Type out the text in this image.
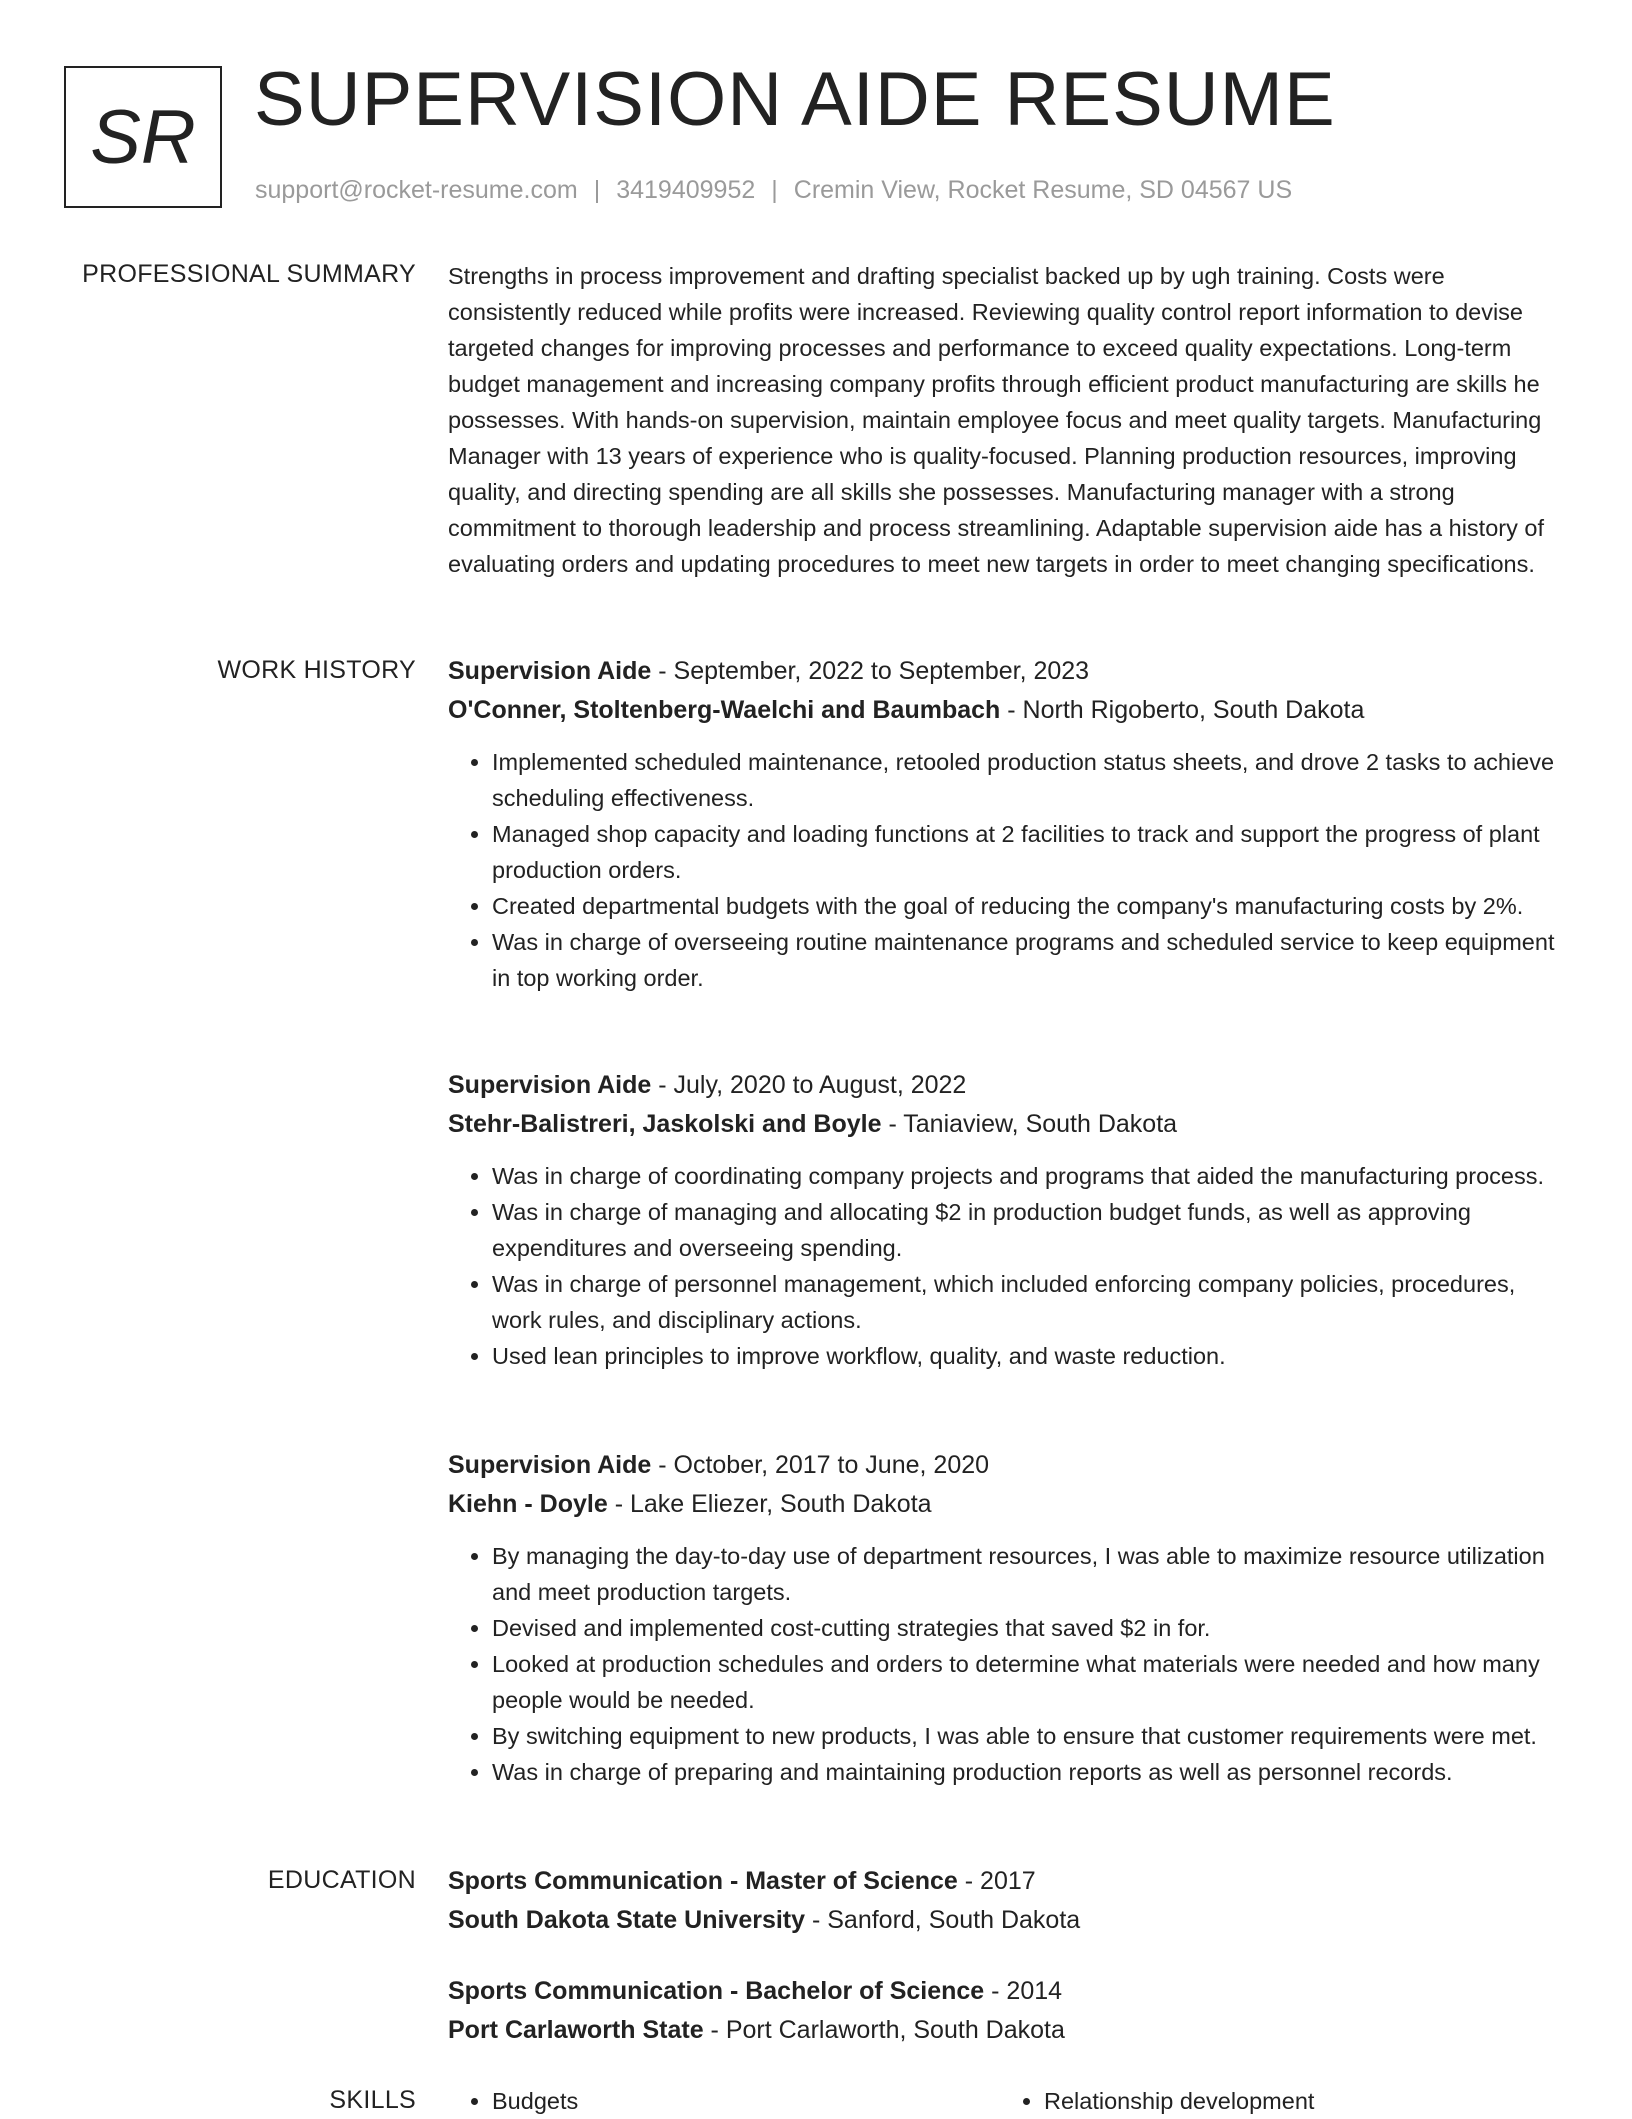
SR SUPERVISION AIDE RESUME
support@rocket-resume.com | 3419409952 | Cremin View, Rocket Resume, SD 04567 US
PROFESSIONAL SUMMARY Strengths in process improvement and drafting specialist backed up by ugh training. Costs were consistently reduced while profits were increased. Reviewing quality control report information to devise targeted changes for improving processes and performance to exceed quality expectations. Long-term budget management and increasing company profits through efficient product manufacturing are skills he possesses. With hands-on supervision, maintain employee focus and meet quality targets. Manufacturing Manager with 13 years of experience who is quality-focused. Planning production resources, improving quality, and directing spending are all skills she possesses. Manufacturing manager with a strong commitment to thorough leadership and process streamlining. Adaptable supervision aide has a history of evaluating orders and updating procedures to meet new targets in order to meet changing specifications.

WORK HISTORY Supervision Aide - September, 2022 to September, 2023
O'Conner, Stoltenberg-Waelchi and Baumbach - North Rigoberto, South Dakota
• Implemented scheduled maintenance, retooled production status sheets, and drove 2 tasks to achieve scheduling effectiveness.
• Managed shop capacity and loading functions at 2 facilities to track and support the progress of plant production orders.
• Created departmental budgets with the goal of reducing the company's manufacturing costs by 2%.
• Was in charge of overseeing routine maintenance programs and scheduled service to keep equipment in top working order.
Supervision Aide - July, 2020 to August, 2022
Stehr-Balistreri, Jaskolski and Boyle - Taniaview, South Dakota
• Was in charge of coordinating company projects and programs that aided the manufacturing process.
• Was in charge of managing and allocating $2 in production budget funds, as well as approving expenditures and overseeing spending.
• Was in charge of personnel management, which included enforcing company policies, procedures, work rules, and disciplinary actions.
• Used lean principles to improve workflow, quality, and waste reduction.
Supervision Aide - October, 2017 to June, 2020
Kiehn - Doyle - Lake Eliezer, South Dakota
• By managing the day-to-day use of department resources, I was able to maximize resource utilization and meet production targets.
• Devised and implemented cost-cutting strategies that saved $2 in for.
• Looked at production schedules and orders to determine what materials were needed and how many people would be needed.
• By switching equipment to new products, I was able to ensure that customer requirements were met.
• Was in charge of preparing and maintaining production reports as well as personnel records.
EDUCATION Sports Communication - Master of Science - 2017
South Dakota State University - Sanford, South Dakota
Sports Communication - Bachelor of Science - 2014
Port Carlaworth State - Port Carlaworth, South Dakota
SKILLS	• Budgets	• Relationship development
